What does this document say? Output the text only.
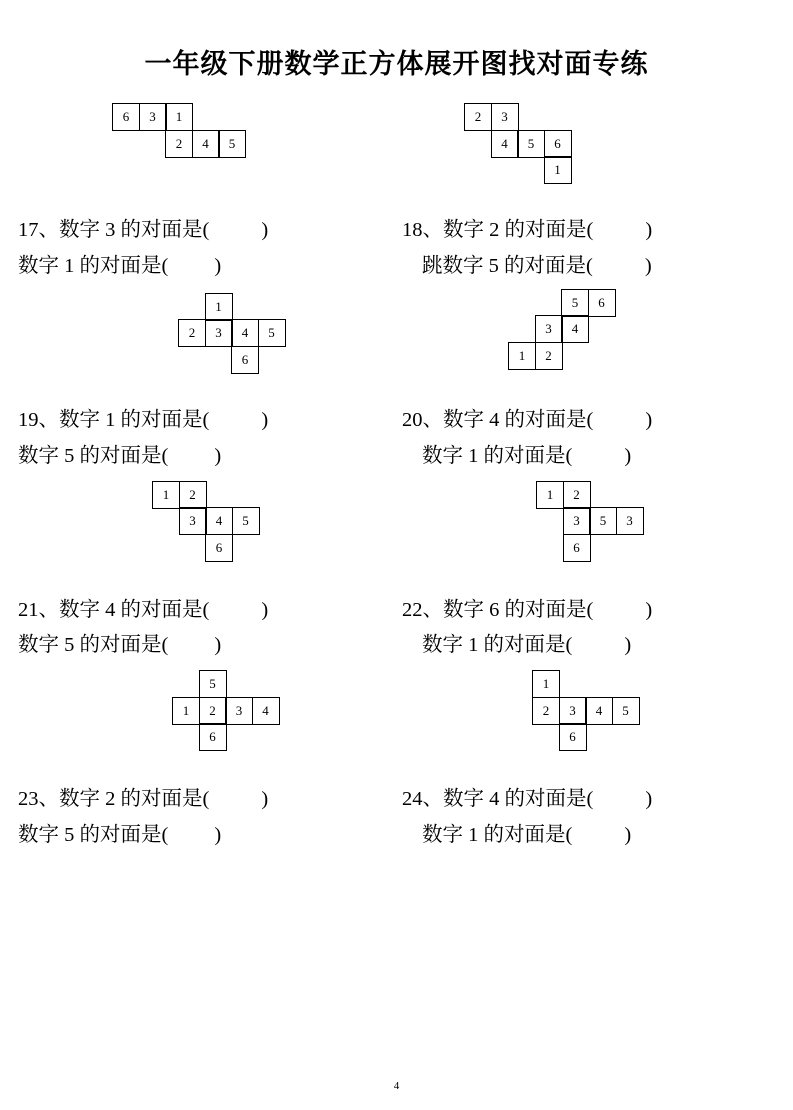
一年级下册数学正方体展开图找对面专练
6	3	1
2	4	5
17、数字 3 的对面是(	)
数字 1 的对面是( )
2	3
4	5	6
1
18、数字 2 的对面是(	)
跳数字 5 的对面是(	)
1
2	3	4	5
6
19、数字 1 的对面是(	)
数字 5 的对面是( )
5	6
3	4
1	2
20、数字 4 的对面是(	)
数字 1 的对面是(	)
1	2
3	4	5
6
21、数字 4 的对面是(	)
数字 5 的对面是( )
1	2
3	5	3
6
22、数字 6 的对面是(	)
数字 1 的对面是(	)
5
1	2	3	4
6
23、数字 2 的对面是(	)
数字 5 的对面是( )
1
2	3	4	5
6
24、数字 4 的对面是(	)
数字 1 的对面是(	)
4
